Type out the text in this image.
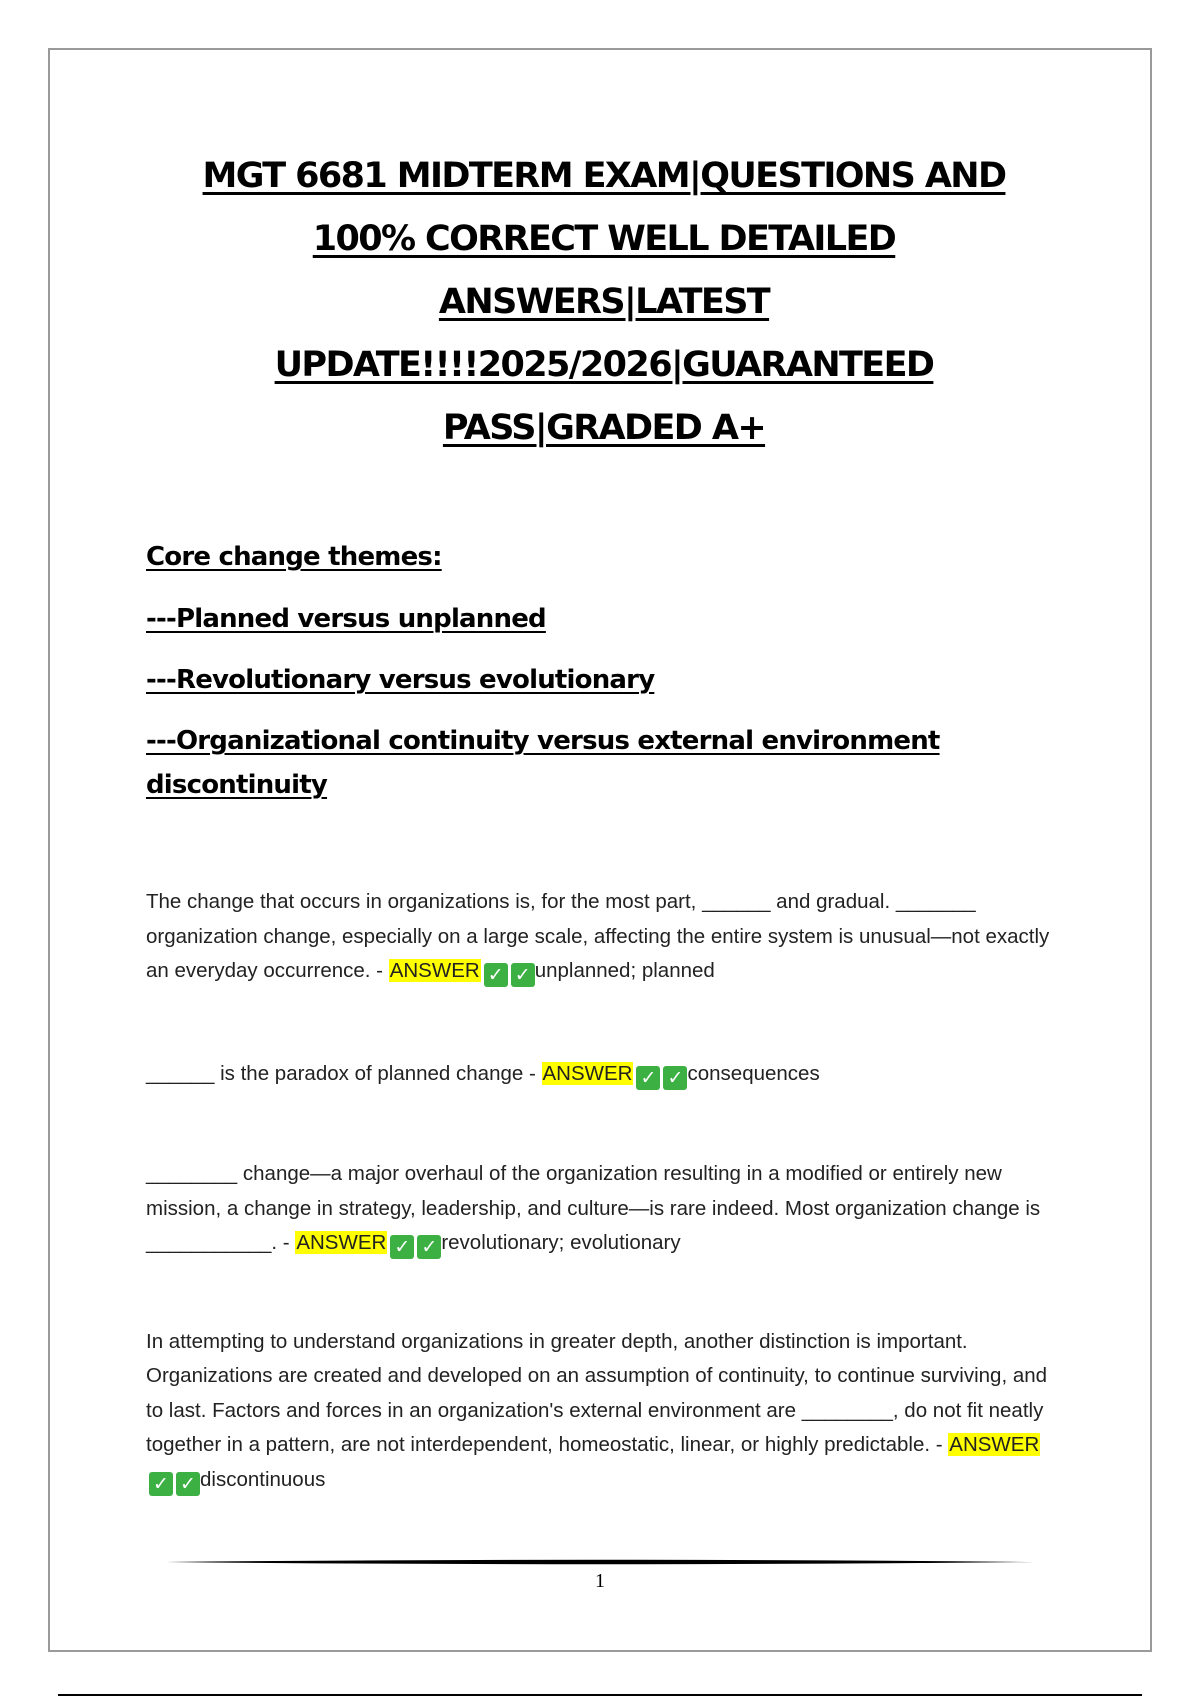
MGT 6681 MIDTERM EXAM|QUESTIONS AND
100% CORRECT WELL DETAILED
ANSWERS|LATEST
UPDATE!!!!2025/2026|GUARANTEED
PASS|GRADED A+
Core change themes:
---Planned versus unplanned
---Revolutionary versus evolutionary
---Organizational continuity versus external environment discontinuity

The change that occurs in organizations is, for the most part, ______ and gradual. _______ organization change, especially on a large scale, affecting the entire system is unusual—not exactly an everyday occurrence. - ANSWER ✓ ✓ unplanned; planned

______ is the paradox of planned change - ANSWER ✓ ✓ consequences

________ change—a major overhaul of the organization resulting in a modified or entirely new mission, a change in strategy, leadership, and culture—is rare indeed. Most organization change is ___________. - ANSWER ✓ ✓ revolutionary; evolutionary

In attempting to understand organizations in greater depth, another distinction is important. Organizations are created and developed on an assumption of continuity, to continue surviving, and to last. Factors and forces in an organization's external environment are ________, do not fit neatly together in a pattern, are not interdependent, homeostatic, linear, or highly predictable. - ANSWER✓ ✓ discontinuous

1
